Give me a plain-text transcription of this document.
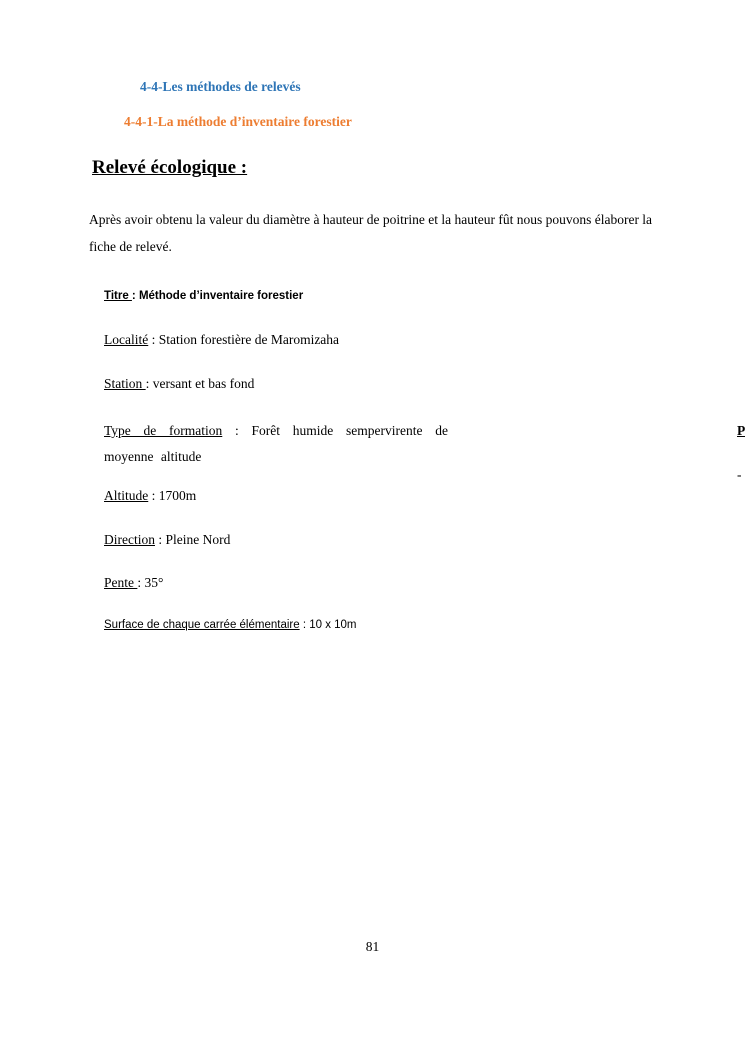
4-4-Les méthodes de relevés
4-4-1-La méthode d’inventaire forestier
Relevé écologique :
Après avoir obtenu la valeur du diamètre à hauteur de poitrine et la hauteur fût nous pouvons élaborer la fiche de relevé.
Titre : Méthode d’inventaire forestier
Localité : Station forestière de Maromizaha
Station : versant et bas fond
Type de formation : Forêt humide sempervirente de moyenne altitude
Altitude : 1700m
Direction : Pleine Nord
Pente : 35°
Surface de chaque carrée élémentaire : 10 x 10m
P
-
81
